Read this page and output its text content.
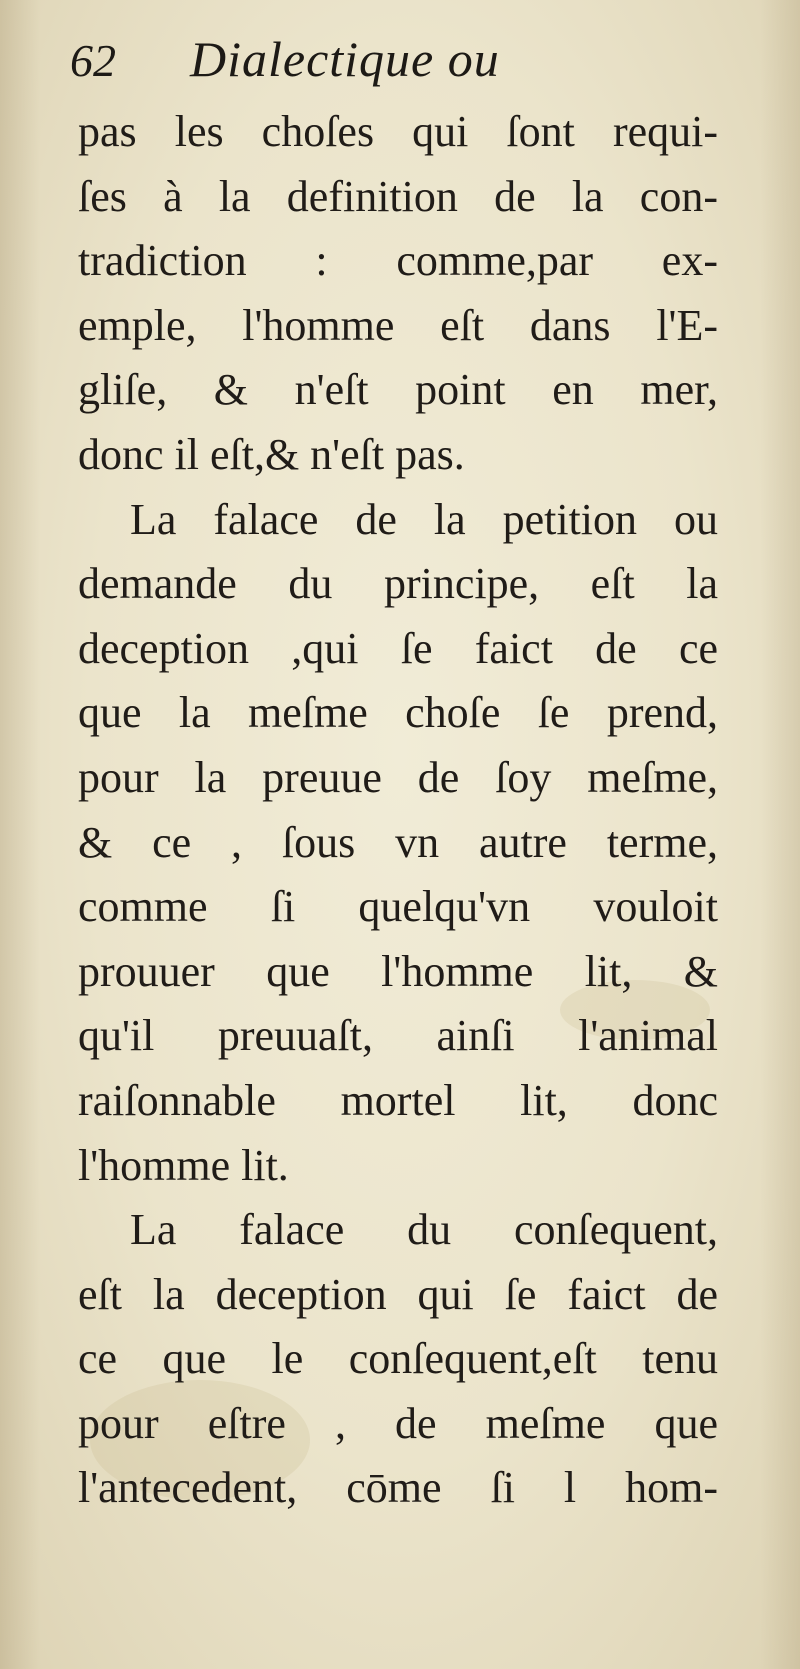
62	Dialectique ou
pas les choſes qui ſont requi-
ſes à la definition de la con-
tradiction : comme,par ex-
emple, l'homme eſt dans l'E-
gliſe, & n'eſt point en mer,
donc il eſt,& n'eſt pas.
La falace de la petition ou
demande du principe, eſt la
deception ,qui ſe faict de ce
que la meſme choſe ſe prend,
pour la preuue de ſoy meſme,
& ce , ſous vn autre terme,
comme ſi quelqu'vn vouloit
prouuer que l'homme lit, &
qu'il preuuaſt, ainſi l'animal
raiſonnable mortel lit, donc
l'homme lit.
La falace du conſequent,
eſt la deception qui ſe faict de
ce que le conſequent,eſt tenu
pour eſtre , de meſme que
l'antecedent, cōme ſi l hom-
